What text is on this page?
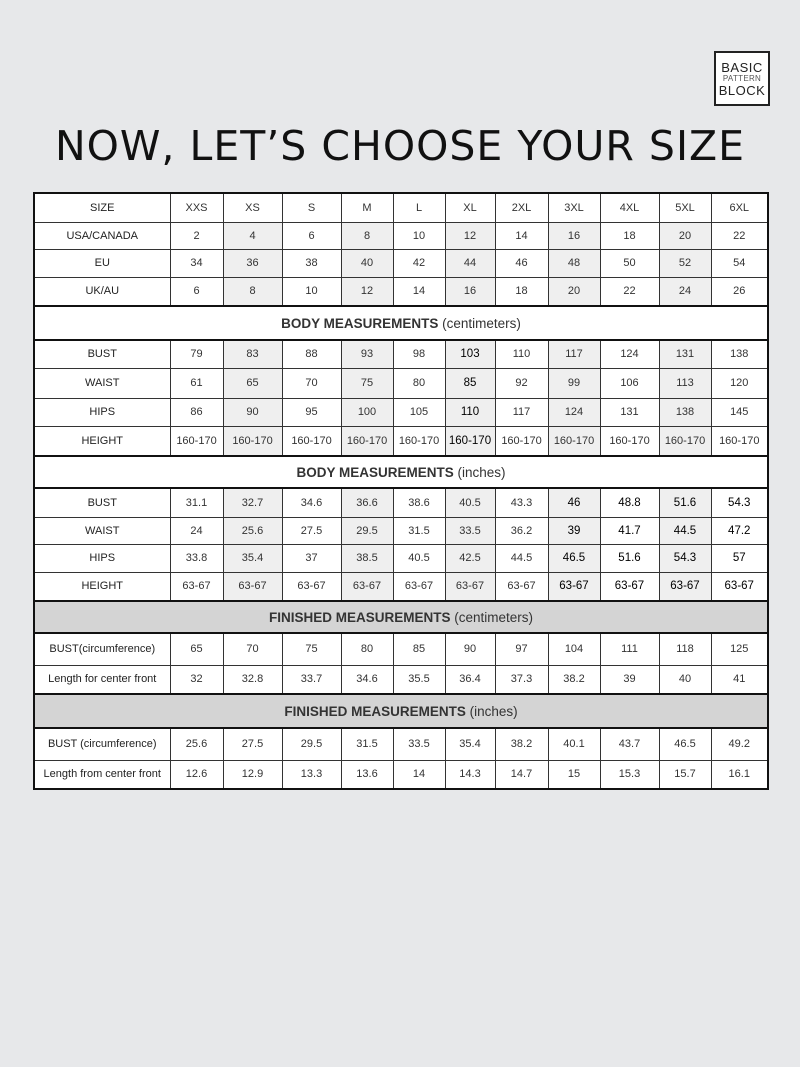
BASIC
PATTERN
BLOCK
NOW, LET’S CHOOSE YOUR SIZE
SIZE	XXS	XS	S	M	L	XL	2XL	3XL	4XL	5XL	6XL
USA/CANADA	2	4	6	8	10	12	14	16	18	20	22
EU	34	36	38	40	42	44	46	48	50	52	54
UK/AU	6	8	10	12	14	16	18	20	22	24	26
BODY MEASUREMENTS (centimeters)											
BUST	79	83	88	93	98	103	110	117	124	131	138
WAIST	61	65	70	75	80	85	92	99	106	113	120
HIPS	86	90	95	100	105	110	117	124	131	138	145
HEIGHT	160-170	160-170	160-170	160-170	160-170	160-170	160-170	160-170	160-170	160-170	160-170
BODY MEASUREMENTS (inches)											
BUST	31.1	32.7	34.6	36.6	38.6	40.5	43.3	46	48.8	51.6	54.3
WAIST	24	25.6	27.5	29.5	31.5	33.5	36.2	39	41.7	44.5	47.2
HIPS	33.8	35.4	37	38.5	40.5	42.5	44.5	46.5	51.6	54.3	57
HEIGHT	63-67	63-67	63-67	63-67	63-67	63-67	63-67	63-67	63-67	63-67	63-67
FINISHED MEASUREMENTS (centimeters)											
BUST(circumference)	65	70	75	80	85	90	97	104	111	118	125
Length for center front	32	32.8	33.7	34.6	35.5	36.4	37.3	38.2	39	40	41
FINISHED MEASUREMENTS (inches)											
BUST (circumference)	25.6	27.5	29.5	31.5	33.5	35.4	38.2	40.1	43.7	46.5	49.2
Length from center front	12.6	12.9	13.3	13.6	14	14.3	14.7	15	15.3	15.7	16.1
